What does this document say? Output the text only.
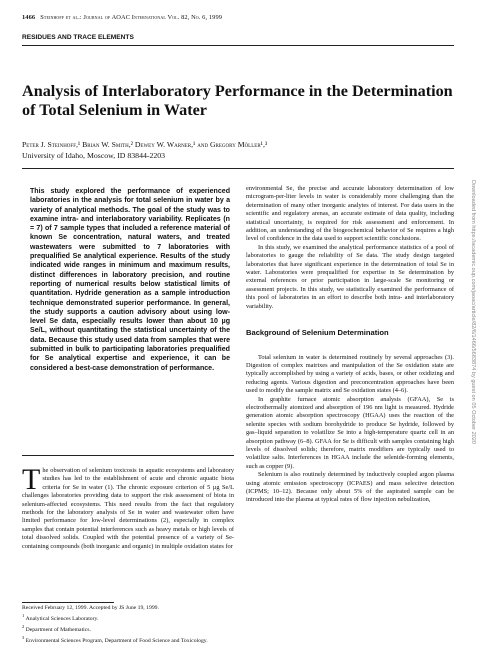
1466 Steinhoff et al.: Journal of AOAC International Vol. 82, No. 6, 1999
RESIDUES AND TRACE ELEMENTS
Analysis of Interlaboratory Performance in the Determination of Total Selenium in Water
Peter J. Steinhoff,¹ Brian W. Smith,² Dewey W. Warner,¹ and Gregory Möller¹,³
University of Idaho, Moscow, ID 83844-2203
This study explored the performance of experienced laboratories in the analysis for total selenium in water by a variety of analytical methods. The goal of the study was to examine intra- and interlaboratory variability. Replicates (n = 7) of 7 sample types that included a reference material of known Se concentration, natural waters, and treated wastewaters were submitted to 7 laboratories with prequalified Se analytical experience. Results of the study indicated wide ranges in minimum and maximum results, distinct differences in laboratory precision, and routine reporting of numerical results below statistical limits of quantitation. Hydride generation as a sample introduction technique demonstrated superior performance. In general, the study supports a caution advisory about using low-level Se data, especially results lower than about 10 µg Se/L, without quantitating the statistical uncertainty of the data. Because this study used data from samples that were submitted in bulk to participating laboratories prequalified for Se analytical expertise and experience, it can be considered a best-case demonstration of performance.
The observation of selenium toxicosis in aquatic ecosystems and laboratory studies has led to the establishment of acute and chronic aquatic biota criteria for Se in water (1). The chronic exposure criterion of 5 µg Se/L challenges laboratories providing data to support the risk assessment of biota in selenium-affected ecosystems. This need results from the fact that regulatory methods for the laboratory analysis of Se in water and wastewater often have limited performance for low-level determinations (2), especially in complex samples that contain potential interferences such as heavy metals or high levels of total dissolved solids. Coupled with the potential presence of a variety of Se-containing compounds (both inorganic and organic) in multiple oxidation states for
Received February 12, 1999. Accepted by JS June 19, 1999.
$^1$ Analytical Sciences Laboratory.
$^2$ Department of Mathematics.
$^3$ Environmental Sciences Program, Department of Food Science and Toxicology.

environmental Se, the precise and accurate laboratory determination of low microgram-per-liter levels in water is considerably more challenging than the determination of many other inorganic analytes of interest. For data users in the scientific and regulatory arenas, an accurate estimate of data quality, including statistical uncertainty, is required for risk assessment and enforcement. In addition, an understanding of the biogeochemical behavior of Se requires a high level of confidence in the data used to support scientific conclusions.

In this study, we examined the analytical performance statistics of a pool of laboratories to gauge the reliability of Se data. The study design targeted laboratories that have significant experience in the determination of total Se in water. Laboratories were prequalified for expertise in Se determination by external references or prior participation in large-scale Se monitoring or assessment projects. In this study, we statistically examined the performance of this pool of laboratories in an effort to describe both intra- and interlaboratory variability.

Background of Selenium Determination

Total selenium in water is determined routinely by several approaches (3). Digestion of complex matrixes and manipulation of the Se oxidation state are typically accomplished by using a variety of acids, bases, or other oxidizing and reducing agents. Various digestion and preconcentration approaches have been used to modify the sample matrix and Se oxidation states (4–6).

In graphite furnace atomic absorption analysis (GFAA), Se is electrothermally atomized and absorption of 196 nm light is measured. Hydride generation atomic absorption spectroscopy (HGAA) uses the reaction of the selenite species with sodium borohydride to produce Se hydride, followed by gas–liquid separation to volatilize Se into a high-temperature quartz cell in an absorption pathway (6–8). GFAA for Se is difficult with samples containing high levels of dissolved solids; therefore, matrix modifiers are typically used to volatilize salts. Interferences in HGAA include the selenide-forming elements, such as copper (9).

Selenium is also routinely determined by inductively coupled argon plasma using atomic emission spectroscopy (ICPAES) and mass selective detection (ICPMS; 10–12). Because only about 5% of the aspirated sample can be introduced into the plasma at typical rates of flow injection nebulization,

Downloaded from https://academic.oup.com/jaoac/article/82/6/1466/5683874 by guest on 05 October 2020
